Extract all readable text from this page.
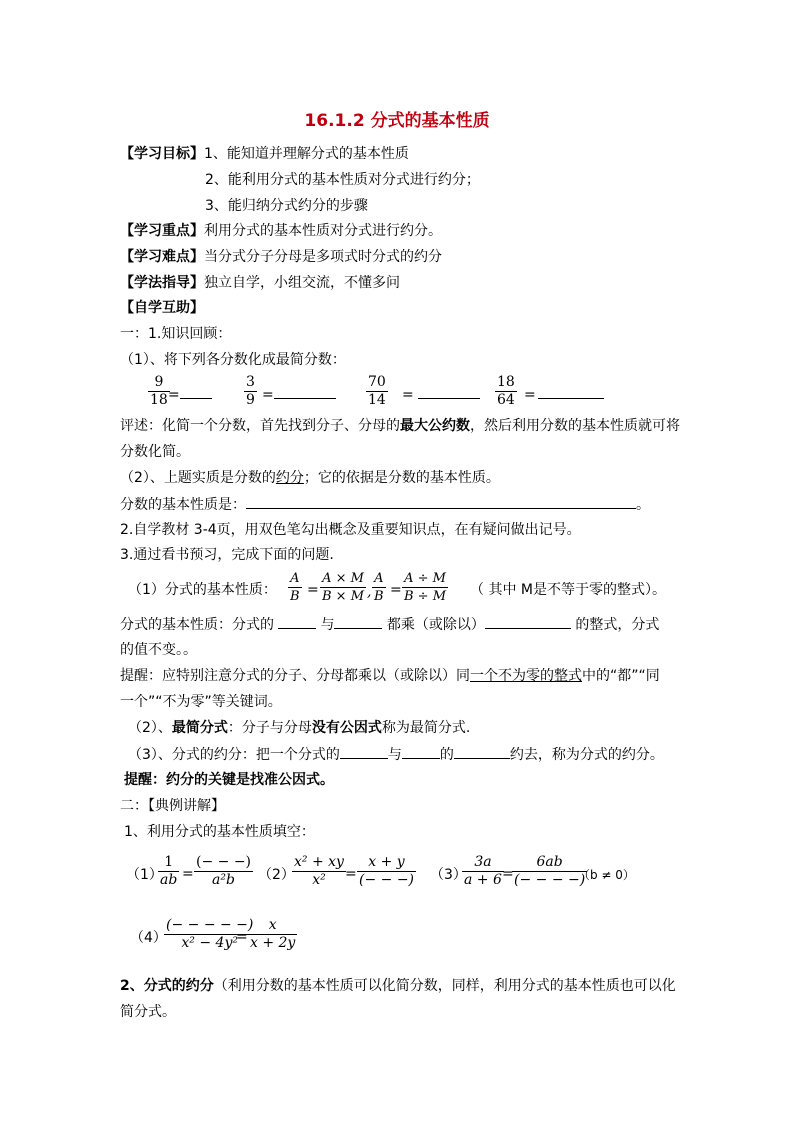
16.1.2 分式的基本性质
【学习目标】1、能知道并理解分式的基本性质
2、能利用分式的基本性质对分式进行约分；
3、能归纳分式约分的步骤
【学习重点】利用分式的基本性质对分式进行约分。
【学习难点】当分式分子分母是多项式时分式的约分
【学法指导】独立自学，小组交流，不懂多问
【自学互助】
一：1.知识回顾：
（1）、将下列各分数化成最简分数：
9
18 =
3
9 =
70
14 =
18
64 =
评述：化简一个分数，首先找到分子、分母的最大公约数，然后利用分数的基本性质就可将
分数化简。
（2）、上题实质是分数的约分；它的依据是分数的基本性质。
分数的基本性质是：	。
2.自学教材 3-4页，用双色笔勾出概念及重要知识点，在有疑问做出记号。
3.通过看书预习，完成下面的问题.
（1）分式的基本性质：
A
B =
A × M
B × M ,
A
B =
A ÷ M
B ÷ M （ 其中 M是不等于零的整式）。
分式的基本性质：分式的	与	都乘（或除以）	的整式，分式
的值不变。。
提醒：应特别注意分式的分子、分母都乘以（或除以）同一个不为零的整式中的“都”“同
一个”“不为零”等关键词。
（2）、最简分式：分子与分母没有公因式称为最简分式.
（3）、分式的约分：把一个分式的	与	的	约去，称为分式的约分。
提醒：约分的关键是找准公因式。
二：【典例讲解】
1、利用分式的基本性质填空：
（1）
1
ab =
(− − −)
a²b （2）
x² + xy
x² =
x + y
(− − −) （3）
3a
a + 6 =
6ab
(− − − −)
（b ≠ 0）
（4）
(− − − − −)
x² − 4y²
=
x
x + 2y
2、分式的约分（利用分数的基本性质可以化简分数，同样，利用分式的基本性质也可以化
简分式。
